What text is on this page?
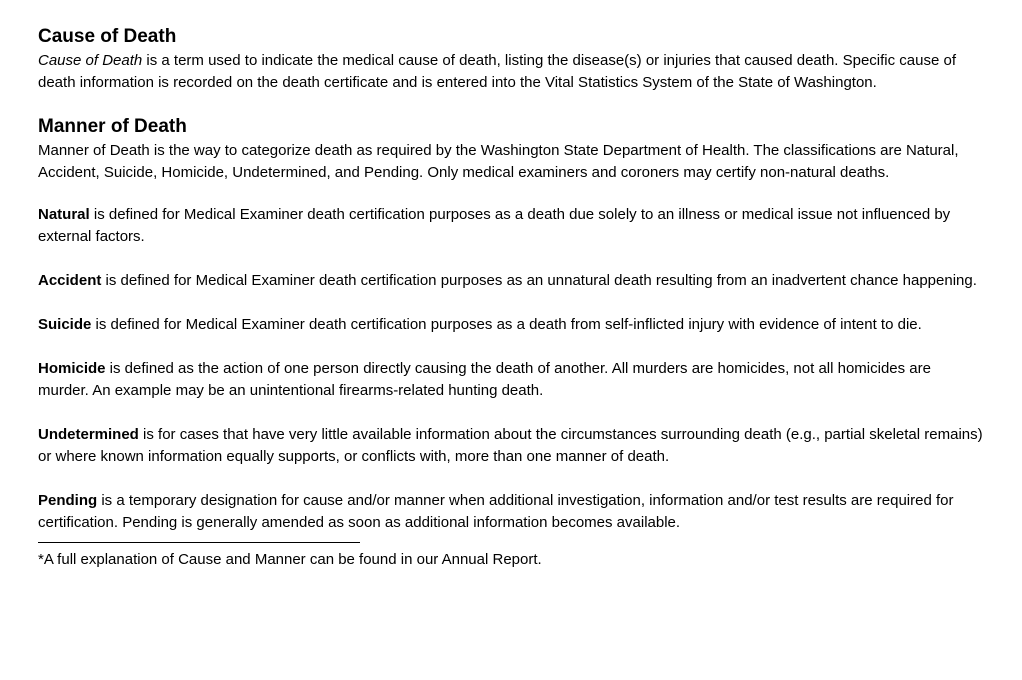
Cause of Death

Cause of Death is a term used to indicate the medical cause of death, listing the disease(s) or injuries that caused death. Specific cause of death information is recorded on the death certificate and is entered into the Vital Statistics System of the State of Washington.

Manner of Death

Manner of Death is the way to categorize death as required by the Washington State Department of Health. The classifications are Natural, Accident, Suicide, Homicide, Undetermined, and Pending. Only medical examiners and coroners may certify non-natural deaths.

Natural is defined for Medical Examiner death certification purposes as a death due solely to an illness or medical issue not influenced by external factors.

Accident is defined for Medical Examiner death certification purposes as an unnatural death resulting from an inadvertent chance happening.

Suicide is defined for Medical Examiner death certification purposes as a death from self-inflicted injury with evidence of intent to die.

Homicide is defined as the action of one person directly causing the death of another. All murders are homicides, not all homicides are murder. An example may be an unintentional firearms-related hunting death.

Undetermined is for cases that have very little available information about the circumstances surrounding death (e.g., partial skeletal remains) or where known information equally supports, or conflicts with, more than one manner of death.

Pending is a temporary designation for cause and/or manner when additional investigation, information and/or test results are required for certification. Pending is generally amended as soon as additional information becomes available.

*A full explanation of Cause and Manner can be found in our Annual Report.
